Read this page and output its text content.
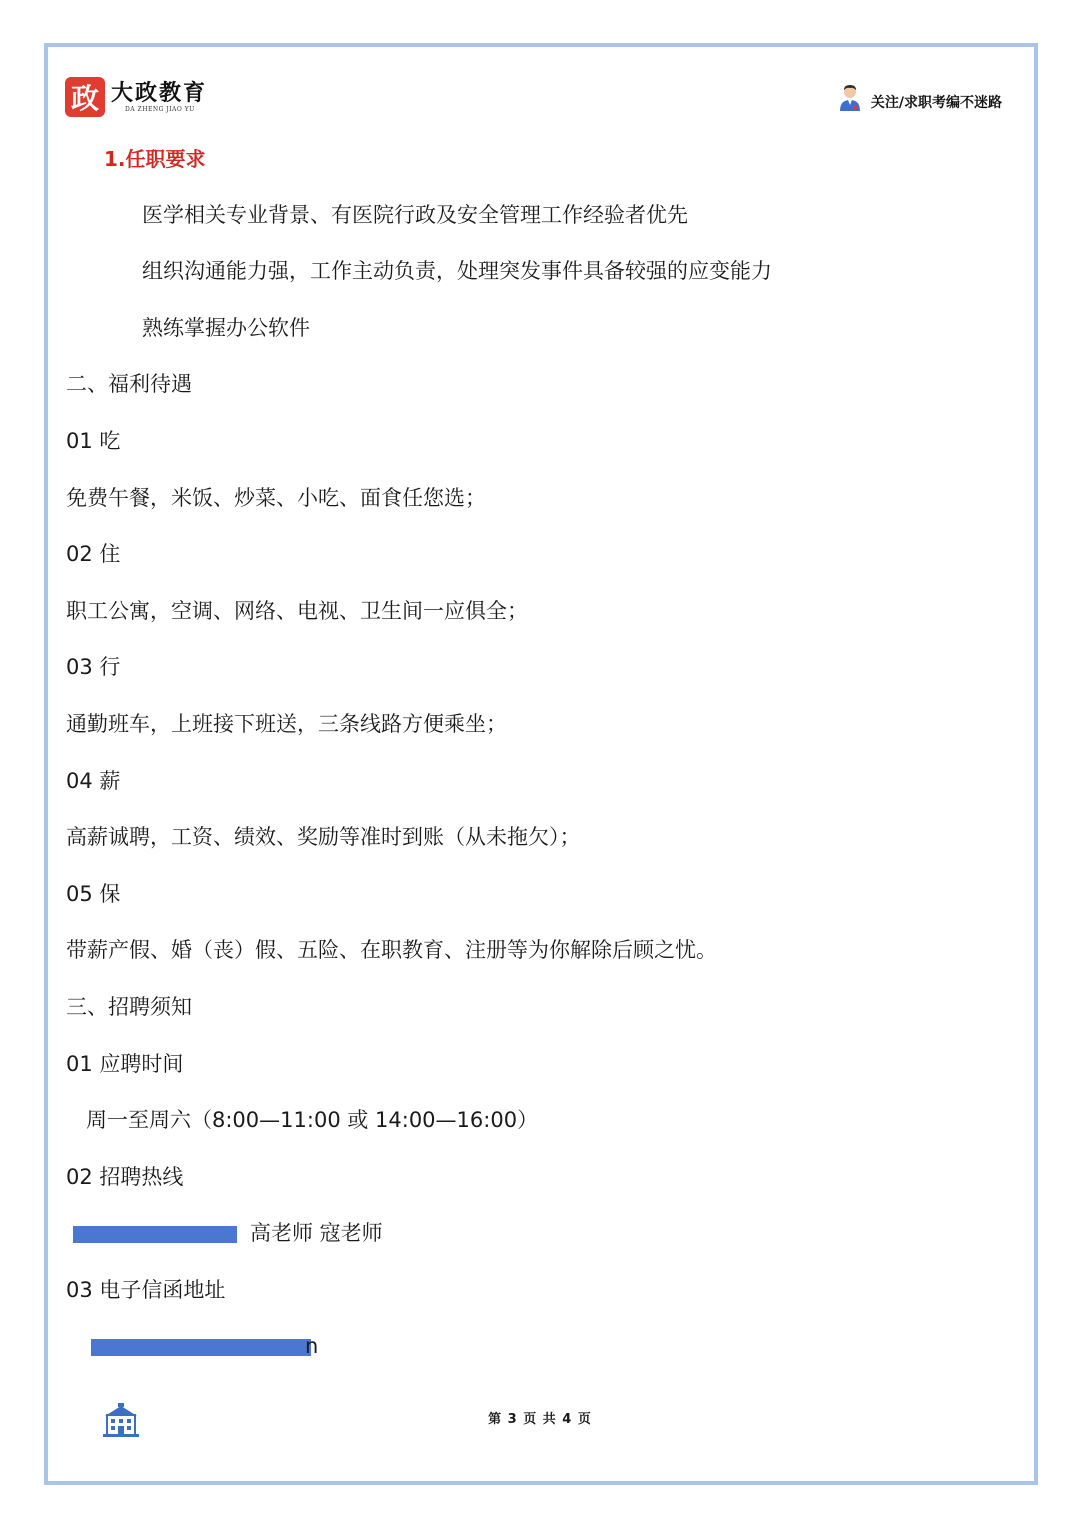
政 大政教育
DA ZHENG JIAO YU	关注/求职考编不迷路
1.任职要求
医学相关专业背景、有医院行政及安全管理工作经验者优先
组织沟通能力强，工作主动负责，处理突发事件具备较强的应变能力
熟练掌握办公软件
二、福利待遇
01 吃
免费午餐，米饭、炒菜、小吃、面食任您选；
02 住
职工公寓，空调、网络、电视、卫生间一应俱全；
03 行
通勤班车，上班接下班送，三条线路方便乘坐；
04 薪
高薪诚聘，工资、绩效、奖励等准时到账（从未拖欠）；
05 保
带薪产假、婚（丧）假、五险、在职教育、注册等为你解除后顾之忧。
三、招聘须知
01 应聘时间
周一至周六（8:00—11:00 或 14:00—16:00）
02 招聘热线
高老师 寇老师
03 电子信函地址
n
第 3 页 共 4 页
